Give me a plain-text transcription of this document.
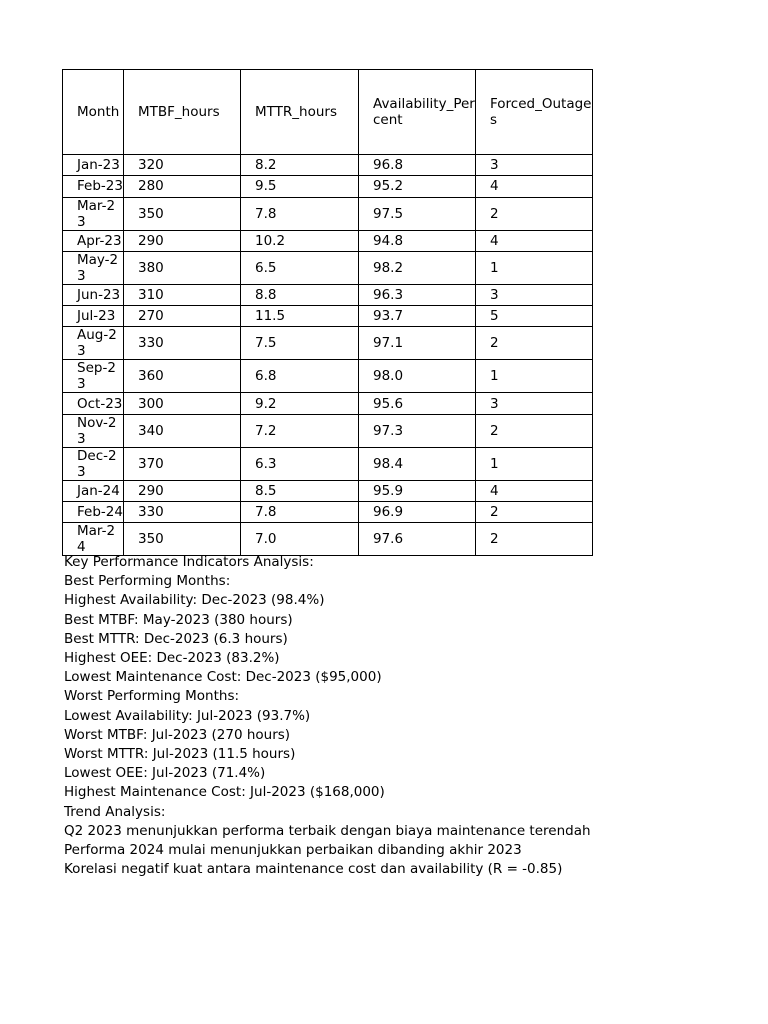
Month	MTBF_hours	MTTR_hours	Availability_Percent	Forced_Outages
Jan-23	320	8.2	96.8	3
Feb-23	280	9.5	95.2	4
Mar-23	350	7.8	97.5	2
Apr-23	290	10.2	94.8	4
May-23	380	6.5	98.2	1
Jun-23	310	8.8	96.3	3
Jul-23	270	11.5	93.7	5
Aug-23	330	7.5	97.1	2
Sep-23	360	6.8	98.0	1
Oct-23	300	9.2	95.6	3
Nov-23	340	7.2	97.3	2
Dec-23	370	6.3	98.4	1
Jan-24	290	8.5	95.9	4
Feb-24	330	7.8	96.9	2
Mar-24	350	7.0	97.6	2
Key Performance Indicators Analysis:
Best Performing Months:
Highest Availability: Dec-2023 (98.4%)
Best MTBF: May-2023 (380 hours)
Best MTTR: Dec-2023 (6.3 hours)
Highest OEE: Dec-2023 (83.2%)
Lowest Maintenance Cost: Dec-2023 ($95,000)
Worst Performing Months:
Lowest Availability: Jul-2023 (93.7%)
Worst MTBF: Jul-2023 (270 hours)
Worst MTTR: Jul-2023 (11.5 hours)
Lowest OEE: Jul-2023 (71.4%)
Highest Maintenance Cost: Jul-2023 ($168,000)
Trend Analysis:
Q2 2023 menunjukkan performa terbaik dengan biaya maintenance terendah
Performa 2024 mulai menunjukkan perbaikan dibanding akhir 2023
Korelasi negatif kuat antara maintenance cost dan availability (R = -0.85)
